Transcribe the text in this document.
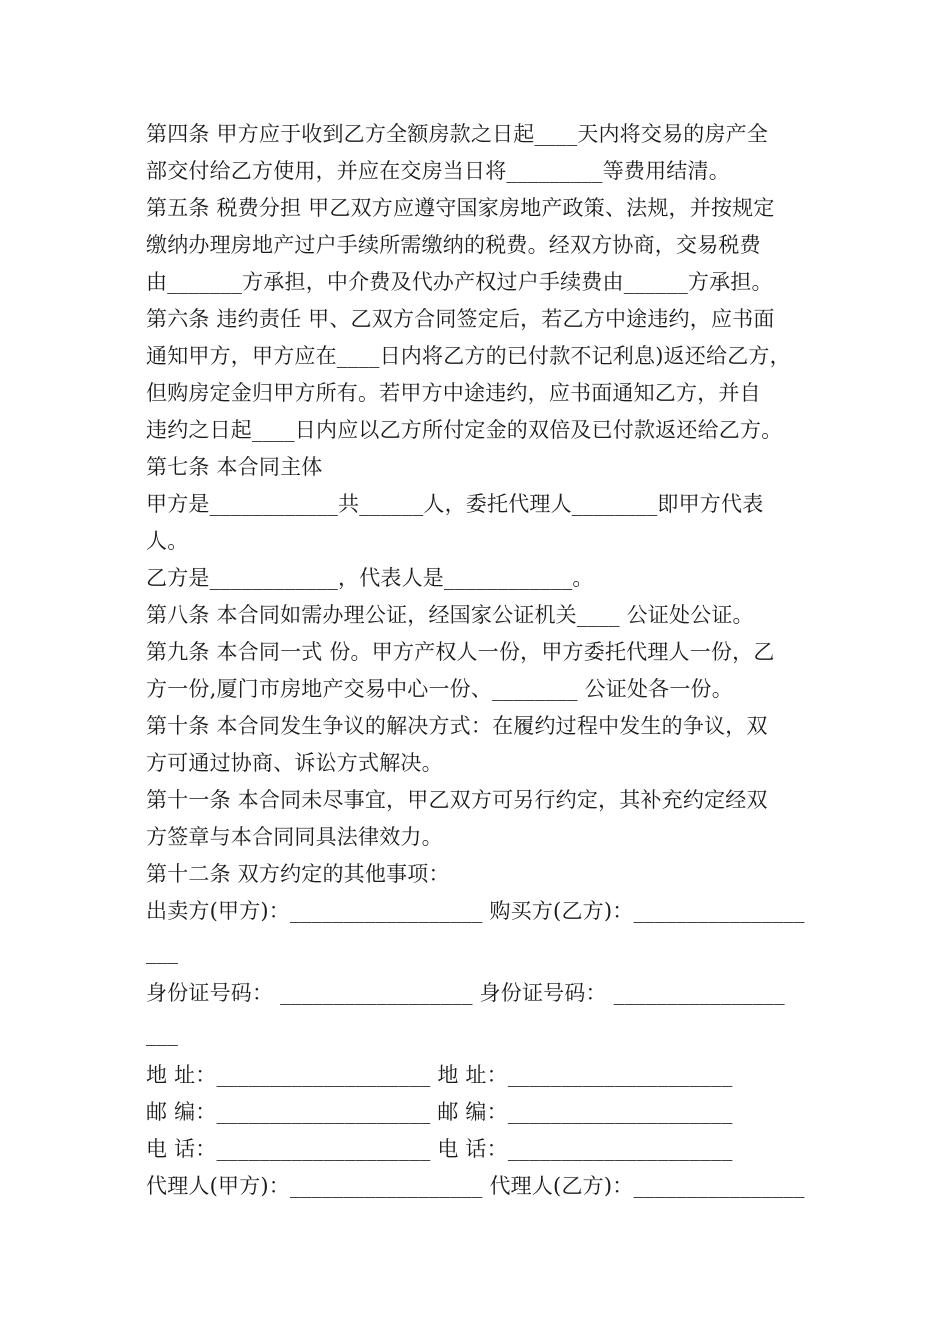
第四条 甲方应于收到乙方全额房款之日起____天内将交易的房产全
部交付给乙方使用，并应在交房当日将_________等费用结清。
第五条 税费分担 甲乙双方应遵守国家房地产政策、法规，并按规定
缴纳办理房地产过户手续所需缴纳的税费。经双方协商，交易税费
由_______方承担，中介费及代办产权过户手续费由______方承担。
第六条 违约责任 甲、乙双方合同签定后，若乙方中途违约，应书面
通知甲方，甲方应在____日内将乙方的已付款不记利息)返还给乙方，
但购房定金归甲方所有。若甲方中途违约，应书面通知乙方，并自
违约之日起____日内应以乙方所付定金的双倍及已付款返还给乙方。
第七条 本合同主体
甲方是____________共______人，委托代理人________即甲方代表
人。
乙方是____________，代表人是____________。
第八条 本合同如需办理公证，经国家公证机关____ 公证处公证。
第九条 本合同一式 份。甲方产权人一份，甲方委托代理人一份，乙
方一份,厦门市房地产交易中心一份、________ 公证处各一份。
第十条 本合同发生争议的解决方式：在履约过程中发生的争议，双
方可通过协商、诉讼方式解决。
第十一条 本合同未尽事宜，甲乙双方可另行约定，其补充约定经双
方签章与本合同同具法律效力。
第十二条 双方约定的其他事项：
出卖方(甲方)：__________________ 购买方(乙方)：________________
___
身份证号码： __________________ 身份证号码： ________________
___
地 址：____________________ 地 址：_____________________
邮 编：____________________ 邮 编：_____________________
电 话：____________________ 电 话：_____________________
代理人(甲方)：__________________ 代理人(乙方)：________________
